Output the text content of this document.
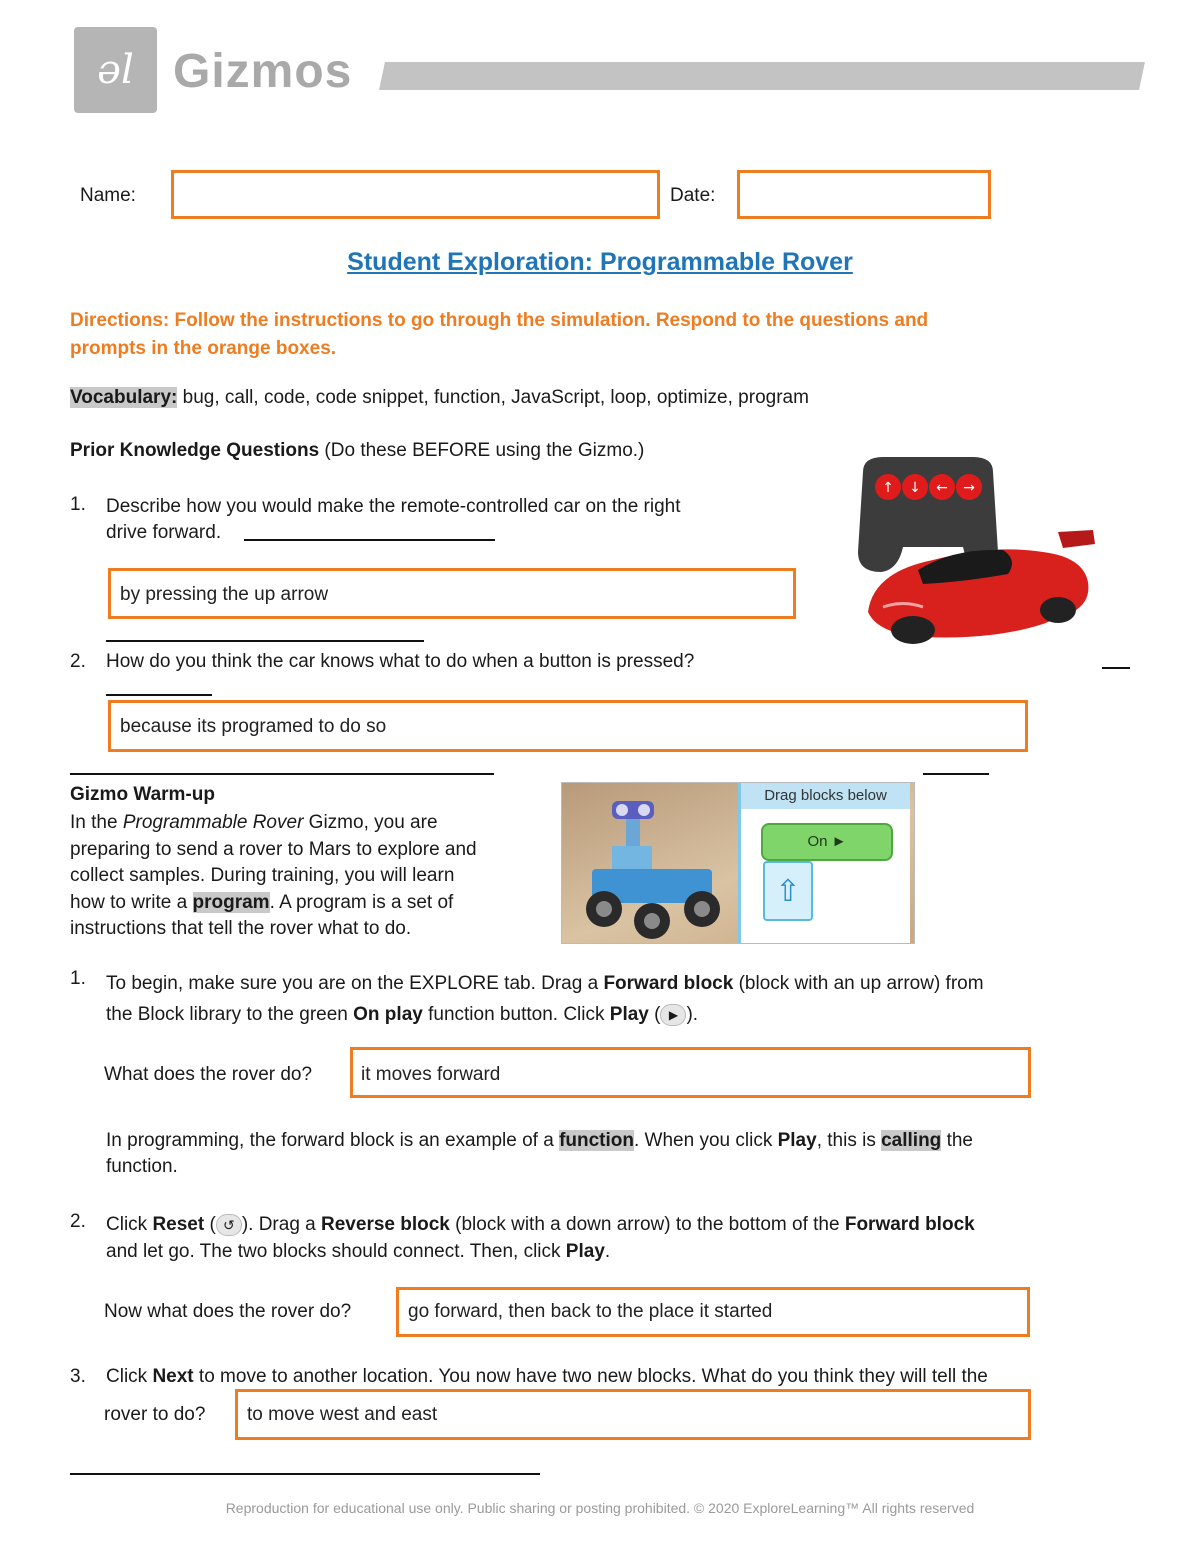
əl Gizmos
Name:	Date:
Student Exploration: Programmable Rover
Directions: Follow the instructions to go through the simulation. Respond to the questions and
prompts in the orange boxes.
Vocabulary: bug, call, code, code snippet, function, JavaScript, loop, optimize, program
Prior Knowledge Questions (Do these BEFORE using the Gizmo.)
↑ ↓ ← →
1. Describe how you would make the remote-controlled car on the right
drive forward.
by pressing the up arrow
2. How do you think the car knows what to do when a button is pressed?
because its programed to do so
Gizmo Warm-up
In the Programmable Rover Gizmo, you are
preparing to send a rover to Mars to explore and
collect samples. During training, you will learn
how to write a program. A program is a set of
instructions that tell the rover what to do.
Drag blocks below
On ►
⇧
1. To begin, make sure you are on the EXPLORE tab. Drag a Forward block (block with an up arrow) from
the Block library to the green On play function button. Click Play ( ▶ ).
What does the rover do?	it moves forward
In programming, the forward block is an example of a function. When you click Play, this is calling the
function.
2. Click Reset ( ↺ ). Drag a Reverse block (block with a down arrow) to the bottom of the Forward block
and let go. The two blocks should connect. Then, click Play.
Now what does the rover do?	go forward, then back to the place it started
3. Click Next to move to another location. You now have two new blocks. What do you think they will tell the
rover to do? to move west and east
Reproduction for educational use only. Public sharing or posting prohibited. © 2020 ExploreLearning™ All rights reserved
